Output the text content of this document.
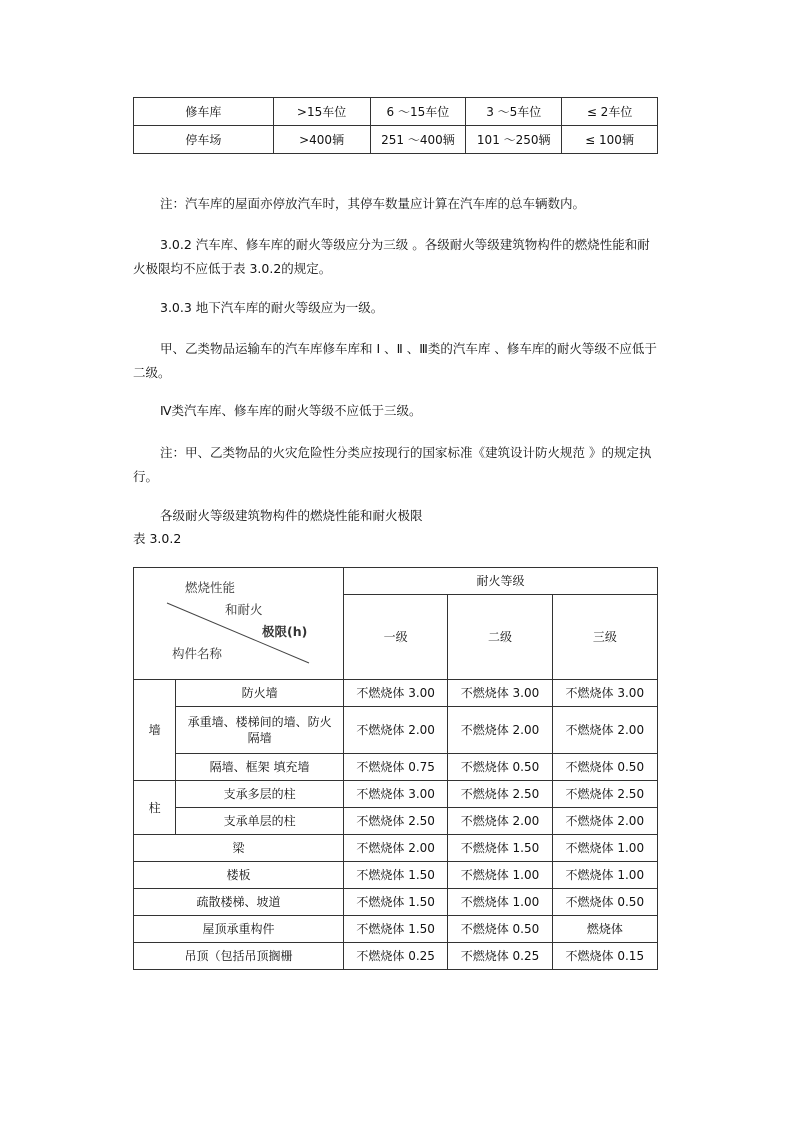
修车库	>15车位	6 ～15车位	3 ～5车位	≤ 2车位
停车场	>400辆	251 ～400辆	101 ～250辆	≤ 100辆

注：汽车库的屋面亦停放汽车时，其停车数量应计算在汽车库的总车辆数内。

3.0.2 汽车库、修车库的耐火等级应分为三级 。各级耐火等级建筑物构件的燃烧性能和耐火极限均不应低于表 3.0.2的规定。

3.0.3 地下汽车库的耐火等级应为一级。

甲、乙类物品运输车的汽车库修车库和 Ⅰ 、Ⅱ 、Ⅲ类的汽车库 、修车库的耐火等级不应低于二级。

Ⅳ类汽车库、修车库的耐火等级不应低于三级。

注：甲、乙类物品的火灾危险性分类应按现行的国家标准《建筑设计防火规范 》的规定执行。

各级耐火等级建筑物构件的燃烧性能和耐火极限

表 3.0.2

燃烧性能
和耐火
极限(h)
构件名称		耐火等级		
		一级	二级	三级
墙	防火墙	不燃烧体 3.00	不燃烧体 3.00	不燃烧体 3.00
	承重墙、楼梯间的墙、防火隔墙	不燃烧体 2.00	不燃烧体 2.00	不燃烧体 2.00
	隔墙、框架 填充墙	不燃烧体 0.75	不燃烧体 0.50	不燃烧体 0.50
柱	支承多层的柱	不燃烧体 3.00	不燃烧体 2.50	不燃烧体 2.50
	支承单层的柱	不燃烧体 2.50	不燃烧体 2.00	不燃烧体 2.00
梁		不燃烧体 2.00	不燃烧体 1.50	不燃烧体 1.00
楼板		不燃烧体 1.50	不燃烧体 1.00	不燃烧体 1.00
疏散楼梯、坡道		不燃烧体 1.50	不燃烧体 1.00	不燃烧体 0.50
屋顶承重构件		不燃烧体 1.50	不燃烧体 0.50	燃烧体
吊顶（包括吊顶搁栅		不燃烧体 0.25	不燃烧体 0.25	不燃烧体 0.15
